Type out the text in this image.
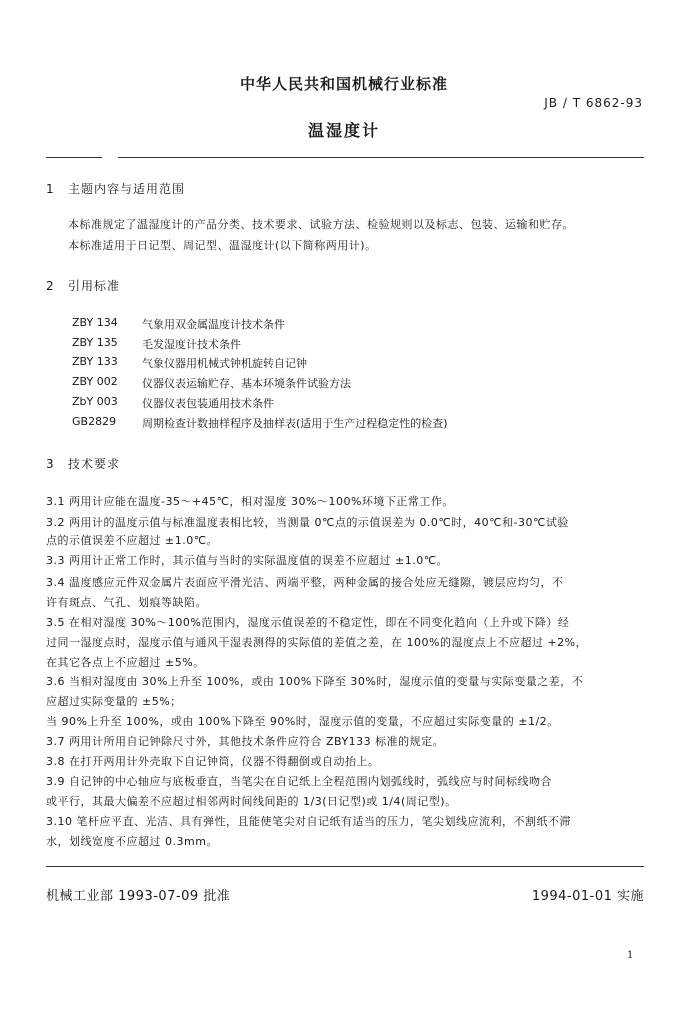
中华人民共和国机械行业标准
JB / T 6862-93
温湿度计
1 主题内容与适用范围
本标准规定了温湿度计的产品分类、技术要求、试验方法、检验规则以及标志、包装、运输和贮存。
本标准适用于日记型、周记型、温湿度计(以下简称两用计)。
2 引用标准
ZBY 134 气象用双金属温度计技术条件
ZBY 135 毛发湿度计技术条件
ZBY 133 气象仪器用机械式钟机旋转自记钟
ZBY 002 仪器仪表运输贮存、基本环境条件试验方法
ZbY 003 仪器仪表包装通用技术条件
GB2829 周期检查计数抽样程序及抽样表(适用于生产过程稳定性的检查)
3 技术要求
3.1 两用计应能在温度-35～+45℃，相对湿度 30%～100%环境下正常工作。
3.2 两用计的温度示值与标准温度表相比较，当测量 0℃点的示值误差为 0.0℃时，40℃和-30℃试验
点的示值误差不应超过 ±1.0℃。
3.3 两用计正常工作时，其示值与当时的实际温度值的误差不应超过 ±1.0℃。
3.4 温度感应元件双金属片表面应平滑光洁、两端平整，两种金属的接合处应无缝隙，镀层应均匀，不
许有斑点、气孔、划痕等缺陷。
3.5 在相对湿度 30%～100%范围内，湿度示值误差的不稳定性，即在不同变化趋向（上升或下降）经
过同一湿度点时，湿度示值与通风干湿表测得的实际值的差值之差，在 100%的湿度点上不应超过 +2%，
在其它各点上不应超过 ±5%。
3.6 当相对湿度由 30%上升至 100%，或由 100%下降至 30%时，湿度示值的变量与实际变量之差，不
应超过实际变量的 ±5%；
当 90%上升至 100%，或由 100%下降至 90%时，湿度示值的变量，不应超过实际变量的 ±1/2。
3.7 两用计所用自记钟除尺寸外，其他技术条件应符合 ZBY133 标准的规定。
3.8 在打开两用计外壳取下自记钟筒，仪器不得翻倒或自动抬上。
3.9 自记钟的中心轴应与底板垂直，当笔尖在自记纸上全程范围内划弧线时，弧线应与时间标线吻合
或平行，其最大偏差不应超过相邻两时间线间距的 1/3(日记型)或 1/4(周记型)。
3.10 笔杆应平直、光洁、具有弹性，且能使笔尖对自记纸有适当的压力，笔尖划线应流利，不割纸不滞
水，划线宽度不应超过 0.3mm。
机械工业部 1993-07-09 批准	1994-01-01 实施
1
